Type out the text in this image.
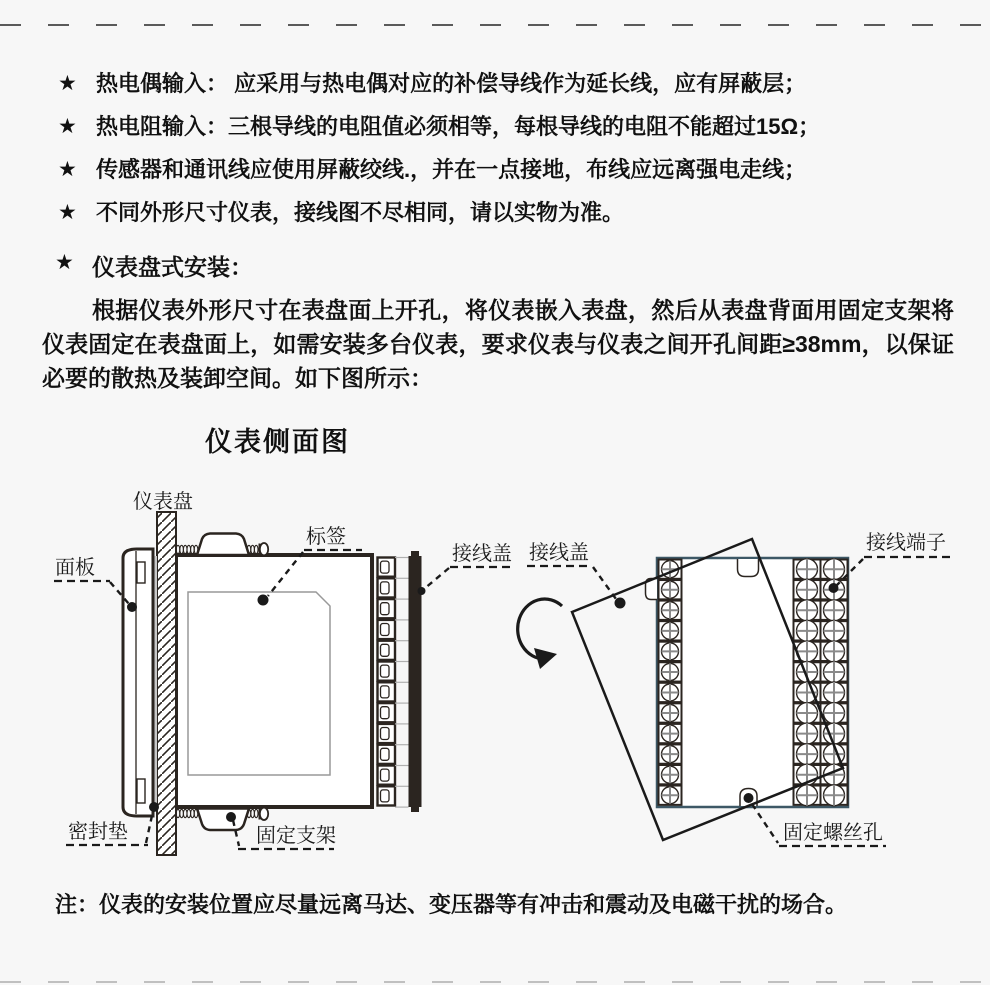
★ 热电偶输入： 应采用与热电偶对应的补偿导线作为延长线，应有屏蔽层；
★ 热电阻输入：三根导线的电阻值必须相等，每根导线的电阻不能超过15Ω；
★ 传感器和通讯线应使用屏蔽绞线.，并在一点接地，布线应远离强电走线；
★ 不同外形尺寸仪表，接线图不尽相同，请以实物为准。
★ 仪表盘式安装：
根据仪表外形尺寸在表盘面上开孔，将仪表嵌入表盘，然后从表盘背面用固定支架将仪表固定在表盘面上，如需安装多台仪表，要求仪表与仪表之间开孔间距≥38mm，以保证必要的散热及装卸空间。如下图所示：
仪表侧面图
仪表盘
面板
标签
接线盖
密封垫	固定支架
接线盖	接线端子
固定螺丝孔
注：仪表的安装位置应尽量远离马达、变压器等有冲击和震动及电磁干扰的场合。
